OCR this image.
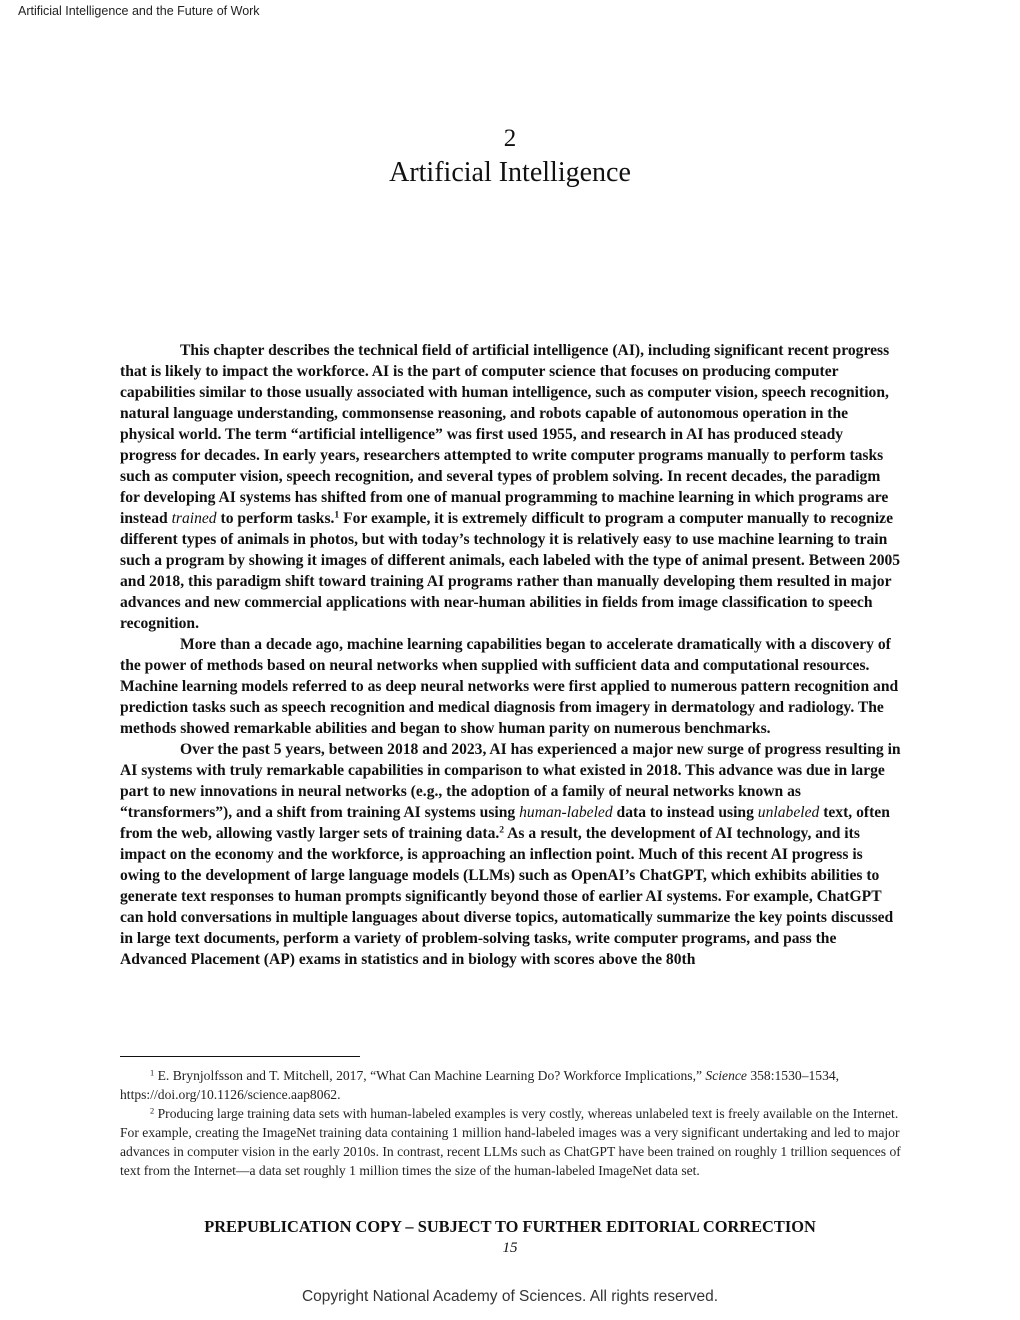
Artificial Intelligence and the Future of Work
2
Artificial Intelligence

This chapter describes the technical field of artificial intelligence (AI), including significant recent progress that is likely to impact the workforce. AI is the part of computer science that focuses on producing computer capabilities similar to those usually associated with human intelligence, such as computer vision, speech recognition, natural language understanding, commonsense reasoning, and robots capable of autonomous operation in the physical world. The term “artificial intelligence” was first used 1955, and research in AI has produced steady progress for decades. In early years, researchers attempted to write computer programs manually to perform tasks such as computer vision, speech recognition, and several types of problem solving. In recent decades, the paradigm for developing AI systems has shifted from one of manual programming to machine learning in which programs are instead trained to perform tasks.$^1$ For example, it is extremely difficult to program a computer manually to recognize different types of animals in photos, but with today’s technology it is relatively easy to use machine learning to train such a program by showing it images of different animals, each labeled with the type of animal present. Between 2005 and 2018, this paradigm shift toward training AI programs rather than manually developing them resulted in major advances and new commercial applications with near-human abilities in fields from image classification to speech recognition.

More than a decade ago, machine learning capabilities began to accelerate dramatically with a discovery of the power of methods based on neural networks when supplied with sufficient data and computational resources. Machine learning models referred to as deep neural networks were first applied to numerous pattern recognition and prediction tasks such as speech recognition and medical diagnosis from imagery in dermatology and radiology. The methods showed remarkable abilities and began to show human parity on numerous benchmarks.

Over the past 5 years, between 2018 and 2023, AI has experienced a major new surge of progress resulting in AI systems with truly remarkable capabilities in comparison to what existed in 2018. This advance was due in large part to new innovations in neural networks (e.g., the adoption of a family of neural networks known as “transformers”), and a shift from training AI systems using human-labeled data to instead using unlabeled text, often from the web, allowing vastly larger sets of training data.$^2$ As a result, the development of AI technology, and its impact on the economy and the workforce, is approaching an inflection point. Much of this recent AI progress is owing to the development of large language models (LLMs) such as OpenAI’s ChatGPT, which exhibits abilities to generate text responses to human prompts significantly beyond those of earlier AI systems. For example, ChatGPT can hold conversations in multiple languages about diverse topics, automatically summarize the key points discussed in large text documents, perform a variety of problem-solving tasks, write computer programs, and pass the Advanced Placement (AP) exams in statistics and in biology with scores above the 80th

$^1$ E. Brynjolfsson and T. Mitchell, 2017, “What Can Machine Learning Do? Workforce Implications,” Science 358:1530–1534, https://doi.org/10.1126/science.aap8062.

$^2$ Producing large training data sets with human-labeled examples is very costly, whereas unlabeled text is freely available on the Internet. For example, creating the ImageNet training data containing 1 million hand-labeled images was a very significant undertaking and led to major advances in computer vision in the early 2010s. In contrast, recent LLMs such as ChatGPT have been trained on roughly 1 trillion sequences of text from the Internet—a data set roughly 1 million times the size of the human-labeled ImageNet data set.

PREPUBLICATION COPY – SUBJECT TO FURTHER EDITORIAL CORRECTION
15
Copyright National Academy of Sciences. All rights reserved.
